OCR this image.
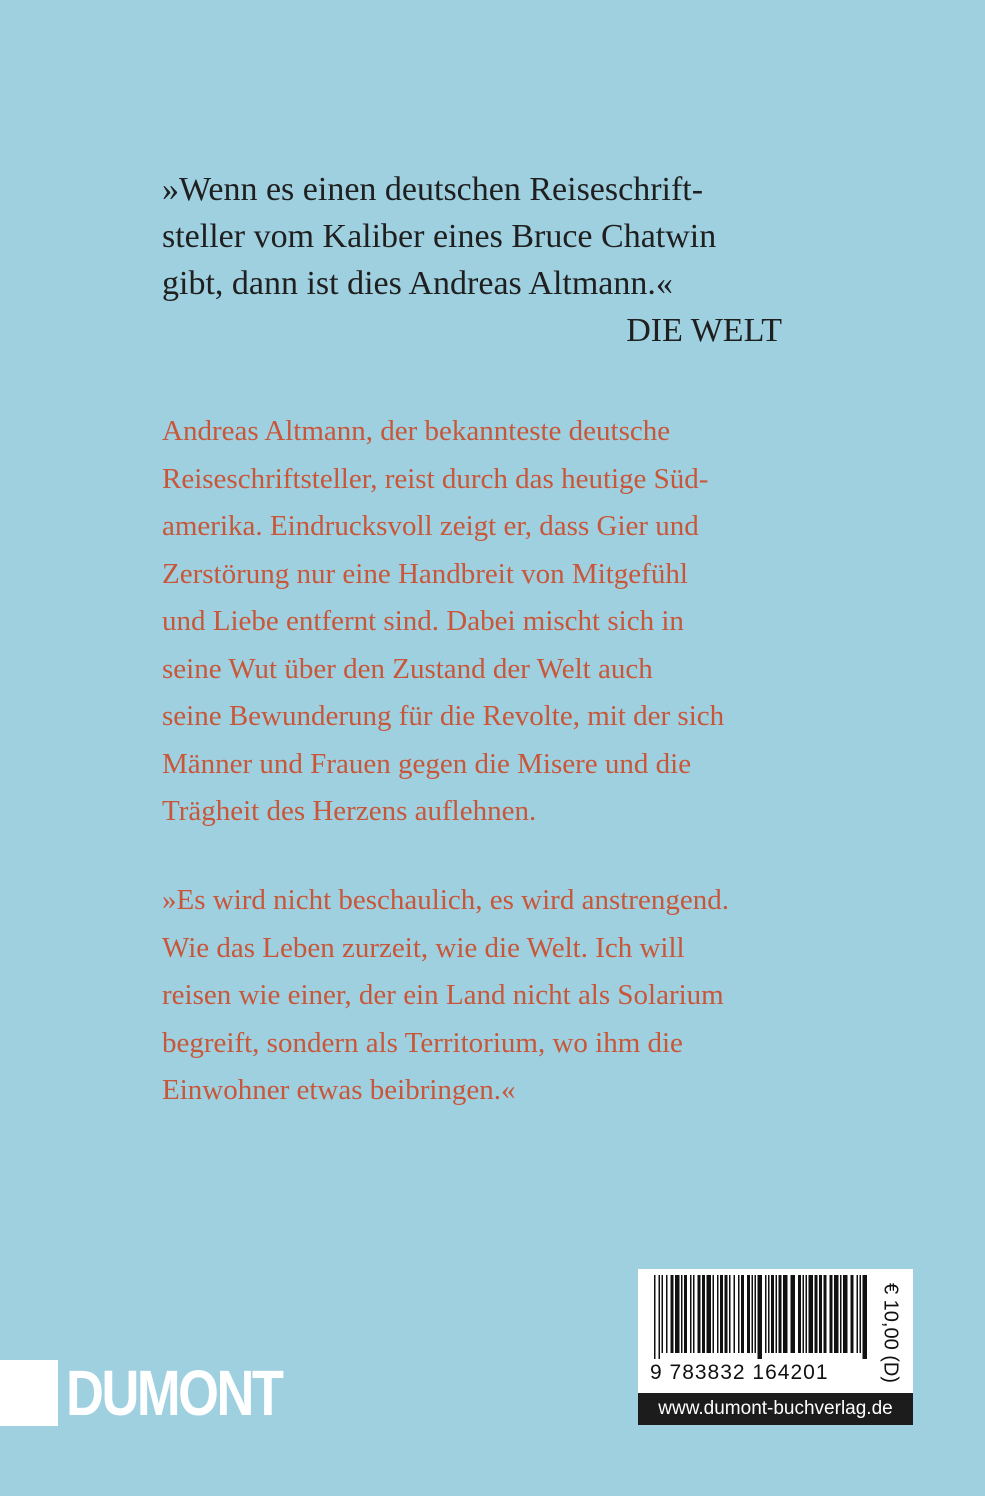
»Wenn es einen deutschen Reiseschrift-
steller vom Kaliber eines Bruce Chatwin
gibt, dann ist dies Andreas Altmann.«
DIE WELT
Andreas Altmann, der bekannteste deutsche
Reiseschriftsteller, reist durch das heutige Süd-
amerika. Eindrucksvoll zeigt er, dass Gier und
Zerstörung nur eine Handbreit von Mitgefühl
und Liebe entfernt sind. Dabei mischt sich in
seine Wut über den Zustand der Welt auch
seine Bewunderung für die Revolte, mit der sich
Männer und Frauen gegen die Misere und die
Trägheit des Herzens auflehnen.
»Es wird nicht beschaulich, es wird anstrengend.
Wie das Leben zurzeit, wie die Welt. Ich will
reisen wie einer, der ein Land nicht als Solarium
begreift, sondern als Territorium, wo ihm die
Einwohner etwas beibringen.«
DUMONT	9 783832 164201	€ 10,00 (D)
www.dumont-buchverlag.de
